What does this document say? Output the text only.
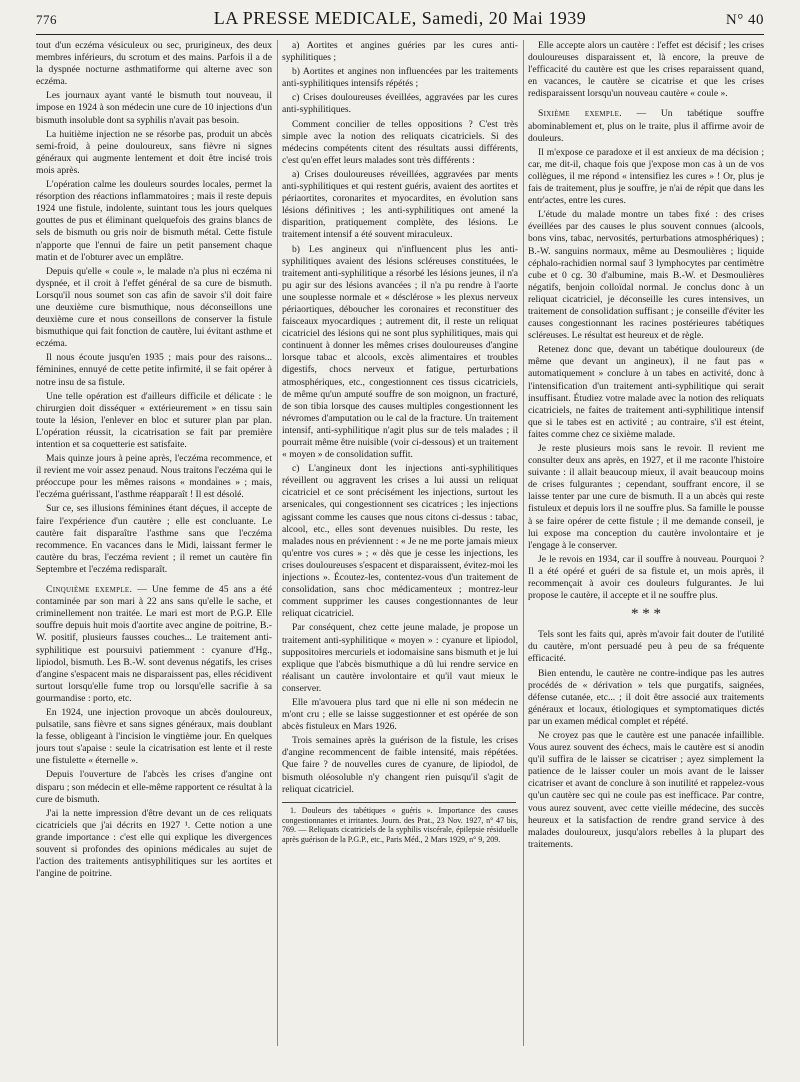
776	LA PRESSE MEDICALE, Samedi, 20 Mai 1939	N° 40

tout d'un eczéma vésiculeux ou sec, prurigineux, des deux membres inférieurs, du scrotum et des mains. Parfois il a de la dyspnée nocturne asthmatiforme qui alterne avec son eczéma.

Les journaux ayant vanté le bismuth tout nouveau, il impose en 1924 à son médecin une cure de 10 injections d'un bismuth insoluble dont sa syphilis n'avait pas besoin.

La huitième injection ne se résorbe pas, produit un abcès semi-froid, à peine douloureux, sans fièvre ni signes généraux qui augmente lentement et doit être incisé trois mois après.

L'opération calme les douleurs sourdes locales, permet la résorption des réactions inflammatoires ; mais il reste depuis 1924 une fistule, indolente, suintant tous les jours quelques gouttes de pus et éliminant quelquefois des grains blancs de sels de bismuth ou gris noir de bismuth métal. Cette fistule n'apporte que l'ennui de faire un petit pansement chaque matin et de l'obturer avec un emplâtre.

Depuis qu'elle « coule », le malade n'a plus ni eczéma ni dyspnée, et il croit à l'effet général de sa cure de bismuth. Lorsqu'il nous soumet son cas afin de savoir s'il doit faire une deuxième cure bismuthique, nous déconseillons une deuxième cure et nous conseillons de conserver la fistule bismuthique qui fait fonction de cautère, lui évitant asthme et eczéma.

Il nous écoute jusqu'en 1935 ; mais pour des raisons... féminines, ennuyé de cette petite infirmité, il se fait opérer à notre insu de sa fistule.

Une telle opération est d'ailleurs difficile et délicate : le chirurgien doit disséquer « extérieurement » en tissu sain toute la lésion, l'enlever en bloc et suturer plan par plan. L'opération réussit, la cicatrisation se fait par première intention et sa coquetterie est satisfaite.

Mais quinze jours à peine après, l'eczéma recommence, et il revient me voir assez penaud. Nous traitons l'eczéma qui le préoccupe pour les mêmes raisons « mondaines » ; mais, l'eczéma guérissant, l'asthme réapparaît ! Il est désolé.

Sur ce, ses illusions féminines étant déçues, il accepte de faire l'expérience d'un cautère ; elle est concluante. Le cautère fait disparaître l'asthme sans que l'eczéma recommence. En vacances dans le Midi, laissant fermer le cautère du bras, l'eczéma revient ; il remet un cautère fin Septembre et l'eczéma redisparaît.

Cinquième exemple. — Une femme de 45 ans a été contaminée par son mari à 22 ans sans qu'elle le sache, et criminellement non traitée. Le mari est mort de P.G.P. Elle souffre depuis huit mois d'aortite avec angine de poitrine, B.-W. positif, plusieurs fausses couches... Le traitement anti-syphilitique est poursuivi patiemment : cyanure d'Hg., lipiodol, bismuth. Les B.-W. sont devenus négatifs, les crises d'angine s'espacent mais ne disparaissent pas, elles récidivent surtout lorsqu'elle fume trop ou lorsqu'elle sacrifie à sa gourmandise : porto, etc.

En 1924, une injection provoque un abcès douloureux, pulsatile, sans fièvre et sans signes généraux, mais doublant la fesse, obligeant à l'incision le vingtième jour. En quelques jours tout s'apaise : seule la cicatrisation est lente et il reste une fistulette « éternelle ».

Depuis l'ouverture de l'abcès les crises d'angine ont disparu ; son médecin et elle-même rapportent ce résultat à la cure de bismuth.

J'ai la nette impression d'être devant un de ces reliquats cicatriciels que j'ai décrits en 1927 ¹. Cette notion a une grande importance : c'est elle qui explique les divergences souvent si profondes des opinions médicales au sujet de l'action des traitements antisyphilitiques sur les aortites et l'angine de poitrine.

a) Aortites et angines guéries par les cures anti-syphilitiques ;

b) Aortites et angines non influencées par les traitements anti-syphilitiques intensifs répétés ;

c) Crises douloureuses éveillées, aggravées par les cures anti-syphilitiques.

Comment concilier de telles oppositions ? C'est très simple avec la notion des reliquats cicatriciels. Si des médecins compétents citent des résultats aussi différents, c'est qu'en effet leurs malades sont très différents :

a) Crises douloureuses réveillées, aggravées par ments anti-syphilitiques et qui restent guéris, avaient des aortites et périaortites, coronarites et myocardites, en évolution sans lésions définitives ; les anti-syphilitiques ont amené la disparition, pratiquement complète, des lésions. Le traitement intensif a été souvent miraculeux.

b) Les angineux qui n'influencent plus les anti-syphilitiques avaient des lésions scléreuses constituées, le traitement anti-syphilitique a résorbé les lésions jeunes, il n'a pu agir sur des lésions avancées ; il n'a pu rendre à l'aorte une souplesse normale et « désclérose » les plexus nerveux périaortiques, déboucher les coronaires et reconstituer des faisceaux myocardiques ; autrement dit, il reste un reliquat cicatriciel des lésions qui ne sont plus syphilitiques, mais qui continuent à donner les mêmes crises douloureuses d'angine lorsque tabac et alcools, excès alimentaires et troubles digestifs, chocs nerveux et fatigue, perturbations atmosphériques, etc., congestionnent ces tissus cicatriciels, de même qu'un amputé souffre de son moignon, un fracturé, de son tibia lorsque des causes multiples congestionnent les névromes d'amputation ou le cal de la fracture. Un traitement intensif, anti-syphilitique n'agit plus sur de tels malades ; il pourrait même être nuisible (voir ci-dessous) et un traitement « moyen » de consolidation suffit.

c) L'angineux dont les injections anti-syphilitiques réveillent ou aggravent les crises a lui aussi un reliquat cicatriciel et ce sont précisément les injections, surtout les arsenicales, qui congestionnent ses cicatrices ; les injections agissant comme les causes que nous citons ci-dessus : tabac, alcool, etc., elles sont devenues nuisibles. Du reste, les malades nous en préviennent : « Je ne me porte jamais mieux qu'entre vos cures » ; « dès que je cesse les injections, les crises douloureuses s'espacent et disparaissent, évitez-moi les injections ». Écoutez-les, contentez-vous d'un traitement de consolidation, sans choc médicamenteux ; montrez-leur comment supprimer les causes congestionnantes de leur reliquat cicatriciel.

Par conséquent, chez cette jeune malade, je propose un traitement anti-syphilitique « moyen » : cyanure et lipiodol, suppositoires mercuriels et iodomaisine sans bismuth et je lui explique que l'abcès bismuthique a dû lui rendre service en réalisant un cautère involontaire et qu'il vaut mieux le conserver.

Elle m'avouera plus tard que ni elle ni son médecin ne m'ont cru ; elle se laisse suggestionner et est opérée de son abcès fistuleux en Mars 1926.

Trois semaines après la guérison de la fistule, les crises d'angine recommencent de faible intensité, mais répétées. Que faire ? de nouvelles cures de cyanure, de lipiodol, de bismuth oléosoluble n'y changent rien puisqu'il s'agit de reliquat cicatriciel.

1. Douleurs des tabétiques « guéris ». Importance des causes congestionnantes et irritantes. Journ. des Prat., 23 Nov. 1927, n° 47 bis, 769. — Reliquats cicatriciels de la syphilis viscérale, épilepsie résiduelle après guérison de la P.G.P., etc., Paris Méd., 2 Mars 1929, n° 9, 209.

Elle accepte alors un cautère : l'effet est décisif ; les crises douloureuses disparaissent et, là encore, la preuve de l'efficacité du cautère est que les crises reparaissent quand, en vacances, le cautère se cicatrise et que les crises redisparaissent lorsqu'un nouveau cautère « coule ».

Sixième exemple. — Un tabétique souffre abominablement et, plus on le traite, plus il affirme avoir de douleurs.

Il m'expose ce paradoxe et il est anxieux de ma décision ; car, me dit-il, chaque fois que j'expose mon cas à un de vos collègues, il me répond « intensifiez les cures » ! Or, plus je fais de traitement, plus je souffre, je n'ai de répit que dans les entr'actes, entre les cures.

L'étude du malade montre un tabes fixé : des crises éveillées par des causes le plus souvent connues (alcools, bons vins, tabac, nervosités, perturbations atmosphériques) ; B.-W. sanguins normaux, même au Desmoulières ; liquide céphalo-rachidien normal sauf 3 lymphocytes par centimètre cube et 0 cg. 30 d'albumine, mais B.-W. et Desmoulières négatifs, benjoin colloïdal normal. Je conclus donc à un reliquat cicatriciel, je déconseille les cures intensives, un traitement de consolidation suffisant ; je conseille d'éviter les causes congestionnant les racines postérieures tabétiques scléreuses. Le résultat est heureux et de règle.

Retenez donc que, devant un tabétique douloureux (de même que devant un angineux), il ne faut pas « automatiquement » conclure à un tabes en activité, donc à l'intensification d'un traitement anti-syphilitique qui serait insuffisant. Étudiez votre malade avec la notion des reliquats cicatriciels, ne faites de traitement anti-syphilitique intensif que si le tabes est en activité ; au contraire, s'il est éteint, faites comme chez ce sixième malade.

Je reste plusieurs mois sans le revoir. Il revient me consulter deux ans après, en 1927, et il me raconte l'histoire suivante : il allait beaucoup mieux, il avait beaucoup moins de crises fulgurantes ; cependant, souffrant encore, il se laisse tenter par une cure de bismuth. Il a un abcès qui reste fistuleux et depuis lors il ne souffre plus. Sa famille le pousse à se faire opérer de cette fistule ; il me demande conseil, je lui expose ma conception du cautère involontaire et je l'engage à le conserver.

Je le revois en 1934, car il souffre à nouveau. Pourquoi ? Il a été opéré et guéri de sa fistule et, un mois après, il recommençait à avoir ces douleurs fulgurantes. Je lui propose le cautère, il accepte et il ne souffre plus.

* * *

Tels sont les faits qui, après m'avoir fait douter de l'utilité du cautère, m'ont persuadé peu à peu de sa fréquente efficacité.

Bien entendu, le cautère ne contre-indique pas les autres procédés de « dérivation » tels que purgatifs, saignées, défense cutanée, etc... ; il doit être associé aux traitements généraux et locaux, étiologiques et symptomatiques dictés par un examen médical complet et répété.

Ne croyez pas que le cautère est une panacée infaillible. Vous aurez souvent des échecs, mais le cautère est si anodin qu'il suffira de le laisser se cicatriser ; ayez simplement la patience de le laisser couler un mois avant de le laisser cicatriser et avant de conclure à son inutilité et rappelez-vous qu'un cautère sec qui ne coule pas est inefficace. Par contre, vous aurez souvent, avec cette vieille médecine, des succès heureux et la satisfaction de rendre grand service à des malades douloureux, jusqu'alors rebelles à la plupart des traitements.
